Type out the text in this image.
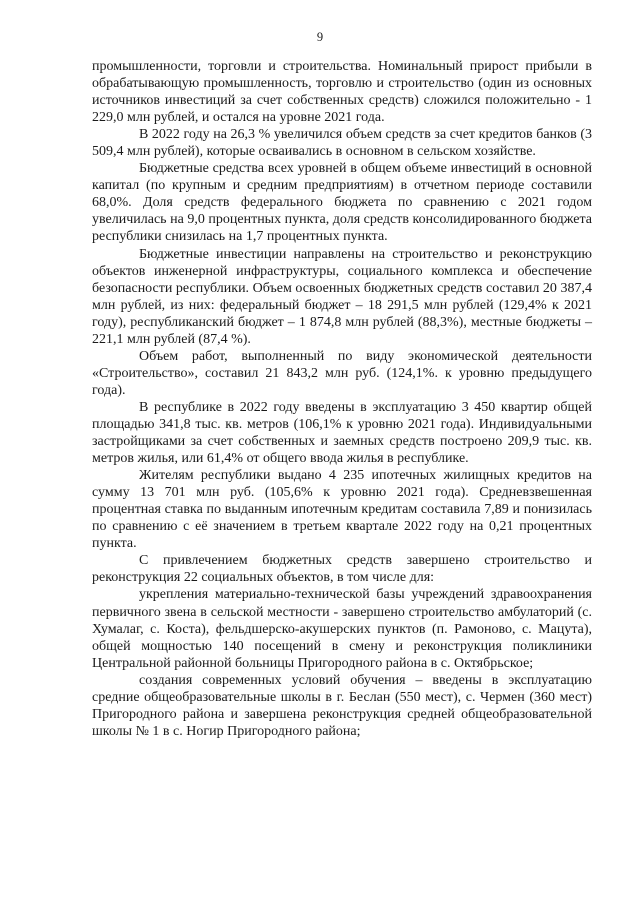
9

промышленности, торговли и строительства. Номинальный прирост прибыли в обрабатывающую промышленность, торговлю и строительство (один из основных источников инвестиций за счет собственных средств) сложился положительно - 1 229,0 млн рублей, и остался на уровне 2021 года.

В 2022 году на 26,3 % увеличился объем средств за счет кредитов банков (3 509,4 млн рублей), которые осваивались в основном в сельском хозяйстве.

Бюджетные средства всех уровней в общем объеме инвестиций в основной капитал (по крупным и средним предприятиям) в отчетном периоде составили 68,0%. Доля средств федерального бюджета по сравнению с 2021 годом увеличилась на 9,0 процентных пункта, доля средств консолидированного бюджета республики снизилась на 1,7 процентных пункта.

Бюджетные инвестиции направлены на строительство и реконструкцию объектов инженерной инфраструктуры, социального комплекса и обеспечение безопасности республики. Объем освоенных бюджетных средств составил 20 387,4 млн рублей, из них: федеральный бюджет – 18 291,5 млн рублей (129,4% к 2021 году), республиканский бюджет – 1 874,8 млн рублей (88,3%), местные бюджеты – 221,1 млн рублей (87,4 %).

Объем работ, выполненный по виду экономической деятельности «Строительство», составил 21 843,2 млн руб. (124,1%. к уровню предыдущего года).

В республике в 2022 году введены в эксплуатацию 3 450 квартир общей площадью 341,8 тыс. кв. метров (106,1% к уровню 2021 года). Индивидуальными застройщиками за счет собственных и заемных средств построено 209,9 тыс. кв. метров жилья, или 61,4% от общего ввода жилья в республике.

Жителям республики выдано 4 235 ипотечных жилищных кредитов на сумму 13 701 млн руб. (105,6% к уровню 2021 года). Средневзвешенная процентная ставка по выданным ипотечным кредитам составила 7,89 и понизилась по сравнению с её значением в третьем квартале 2022 году на 0,21 процентных пункта.

С привлечением бюджетных средств завершено строительство и реконструкция 22 социальных объектов, в том числе для:

укрепления материально-технической базы учреждений здравоохранения первичного звена в сельской местности - завершено строительство амбулаторий (с. Хумалаг, с. Коста), фельдшерско-акушерских пунктов (п. Рамоново, с. Мацута), общей мощностью 140 посещений в смену и реконструкция поликлиники Центральной районной больницы Пригородного района в с. Октябрьское;

создания современных условий обучения – введены в эксплуатацию средние общеобразовательные школы в г. Беслан (550 мест), с. Чермен (360 мест) Пригородного района и завершена реконструкция средней общеобразовательной школы № 1 в с. Ногир Пригородного района;
